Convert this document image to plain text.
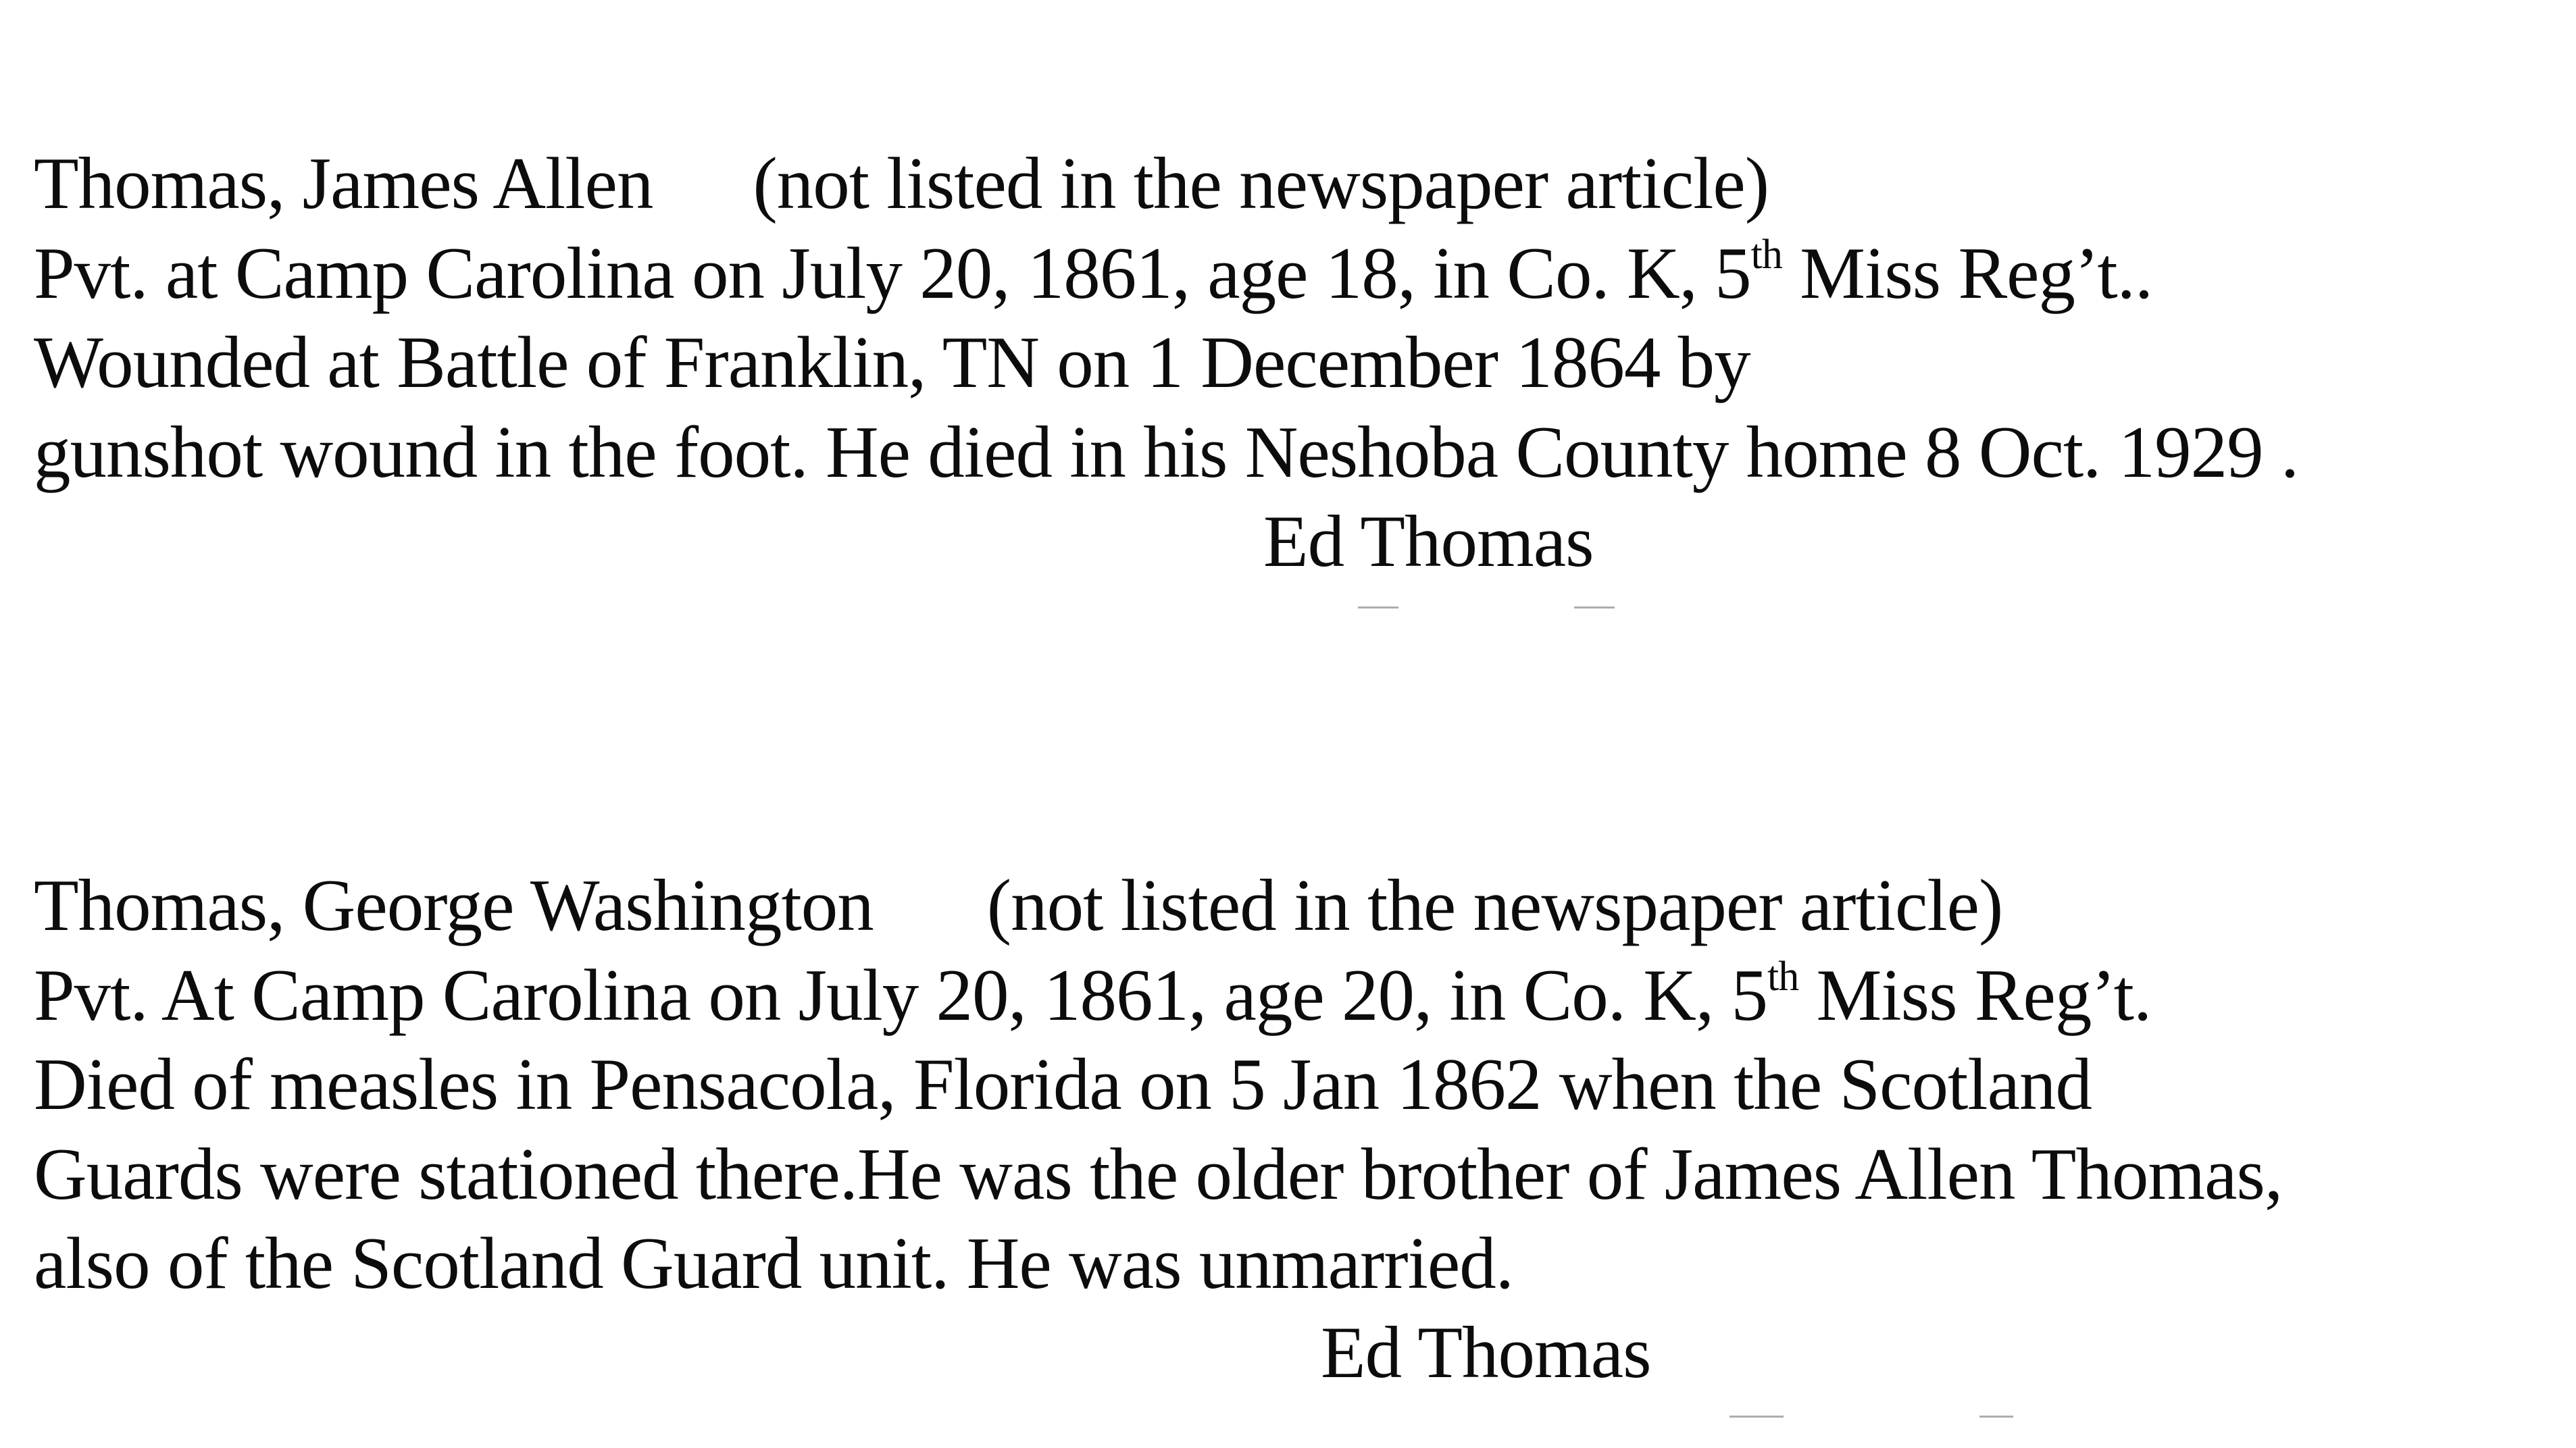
Thomas, James Allen (not listed in the newspaper article)
Pvt. at Camp Carolina on July 20, 1861, age 18, in Co. K, 5th Miss Reg’t..
Wounded at Battle of Franklin, TN on 1 December 1864 by
gunshot wound in the foot. He died in his Neshoba County home 8 Oct. 1929 .
Ed Thomas
Thomas, George Washington (not listed in the newspaper article)
Pvt. At Camp Carolina on July 20, 1861, age 20, in Co. K, 5th Miss Reg’t.
Died of measles in Pensacola, Florida on 5 Jan 1862 when the Scotland
Guards were stationed there.He was the older brother of James Allen Thomas,
also of the Scotland Guard unit. He was unmarried.
Ed Thomas
